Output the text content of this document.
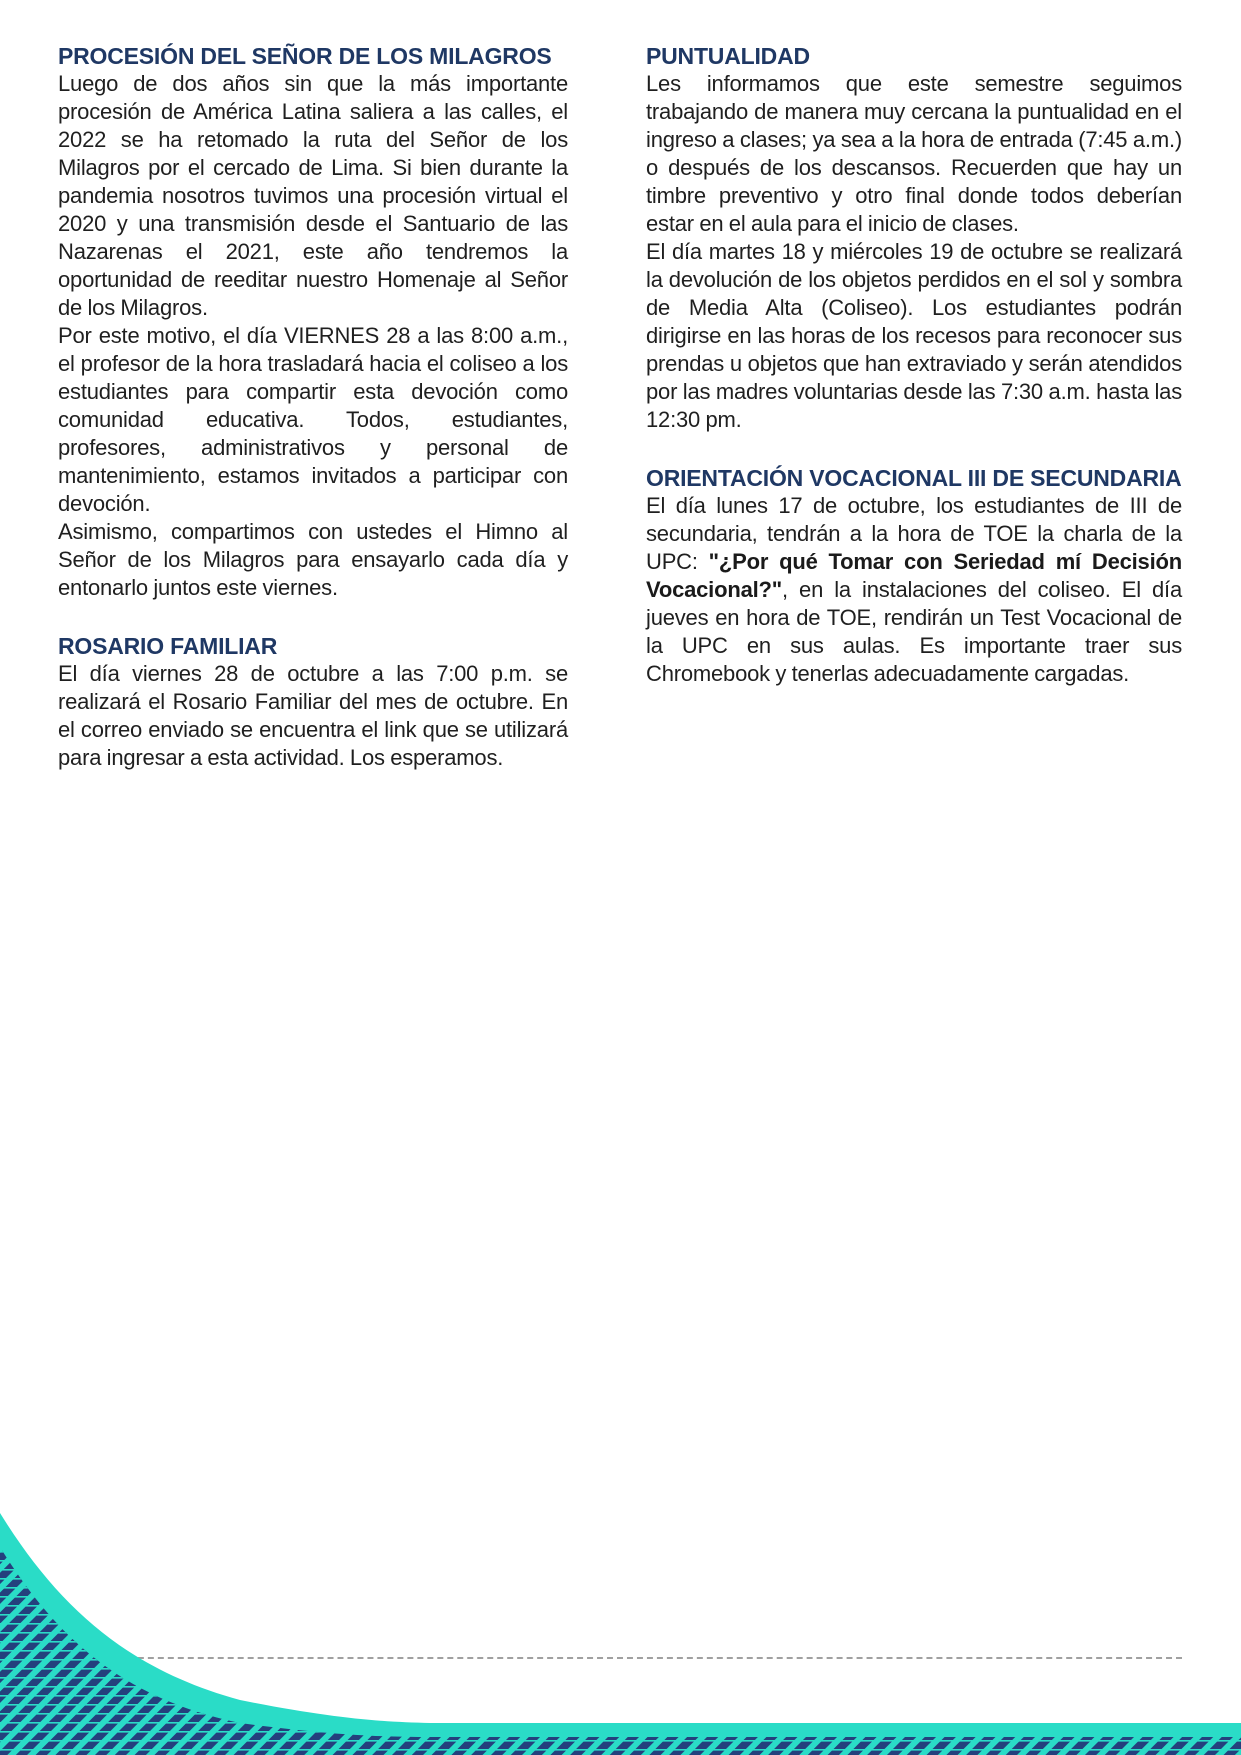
PROCESIÓN DEL SEÑOR DE LOS MILAGROS

Luego de dos años sin que la más importante procesión de América Latina saliera a las calles, el 2022 se ha retomado la ruta del Señor de los Milagros por el cercado de Lima. Si bien durante la pandemia nosotros tuvimos una procesión virtual el 2020 y una transmisión desde el Santuario de las Nazarenas el 2021, este año tendremos la oportunidad de reeditar nuestro Homenaje al Señor de los Milagros.

Por este motivo, el día VIERNES 28 a las 8:00 a.m., el profesor de la hora trasladará hacia el coliseo a los estudiantes para compartir esta devoción como comunidad educativa. Todos, estudiantes, profesores, administrativos y personal de mantenimiento, estamos invitados a participar con devoción.

Asimismo, compartimos con ustedes el Himno al Señor de los Milagros para ensayarlo cada día y entonarlo juntos este viernes.

ROSARIO FAMILIAR

El día viernes 28 de octubre a las 7:00 p.m. se realizará el Rosario Familiar del mes de octubre. En el correo enviado se encuentra el link que se utilizará para ingresar a esta actividad. Los esperamos.

PUNTUALIDAD

Les informamos que este semestre seguimos trabajando de manera muy cercana la puntualidad en el ingreso a clases; ya sea a la hora de entrada (7:45 a.m.) o después de los descansos. Recuerden que hay un timbre preventivo y otro final donde todos deberían estar en el aula para el inicio de clases.

El día martes 18 y miércoles 19 de octubre se realizará la devolución de los objetos perdidos en el sol y sombra de Media Alta (Coliseo). Los estudiantes podrán dirigirse en las horas de los recesos para reconocer sus prendas u objetos que han extraviado y serán atendidos por las madres voluntarias desde las 7:30 a.m. hasta las 12:30 pm.

ORIENTACIÓN VOCACIONAL III DE SECUNDARIA

El día lunes 17 de octubre, los estudiantes de III de secundaria, tendrán a la hora de TOE la charla de la UPC: "¿Por qué Tomar con Seriedad mí Decisión Vocacional?", en la instalaciones del coliseo. El día jueves en hora de TOE, rendirán un Test Vocacional de la UPC en sus aulas. Es importante traer sus Chromebook y tenerlas adecuadamente cargadas.
